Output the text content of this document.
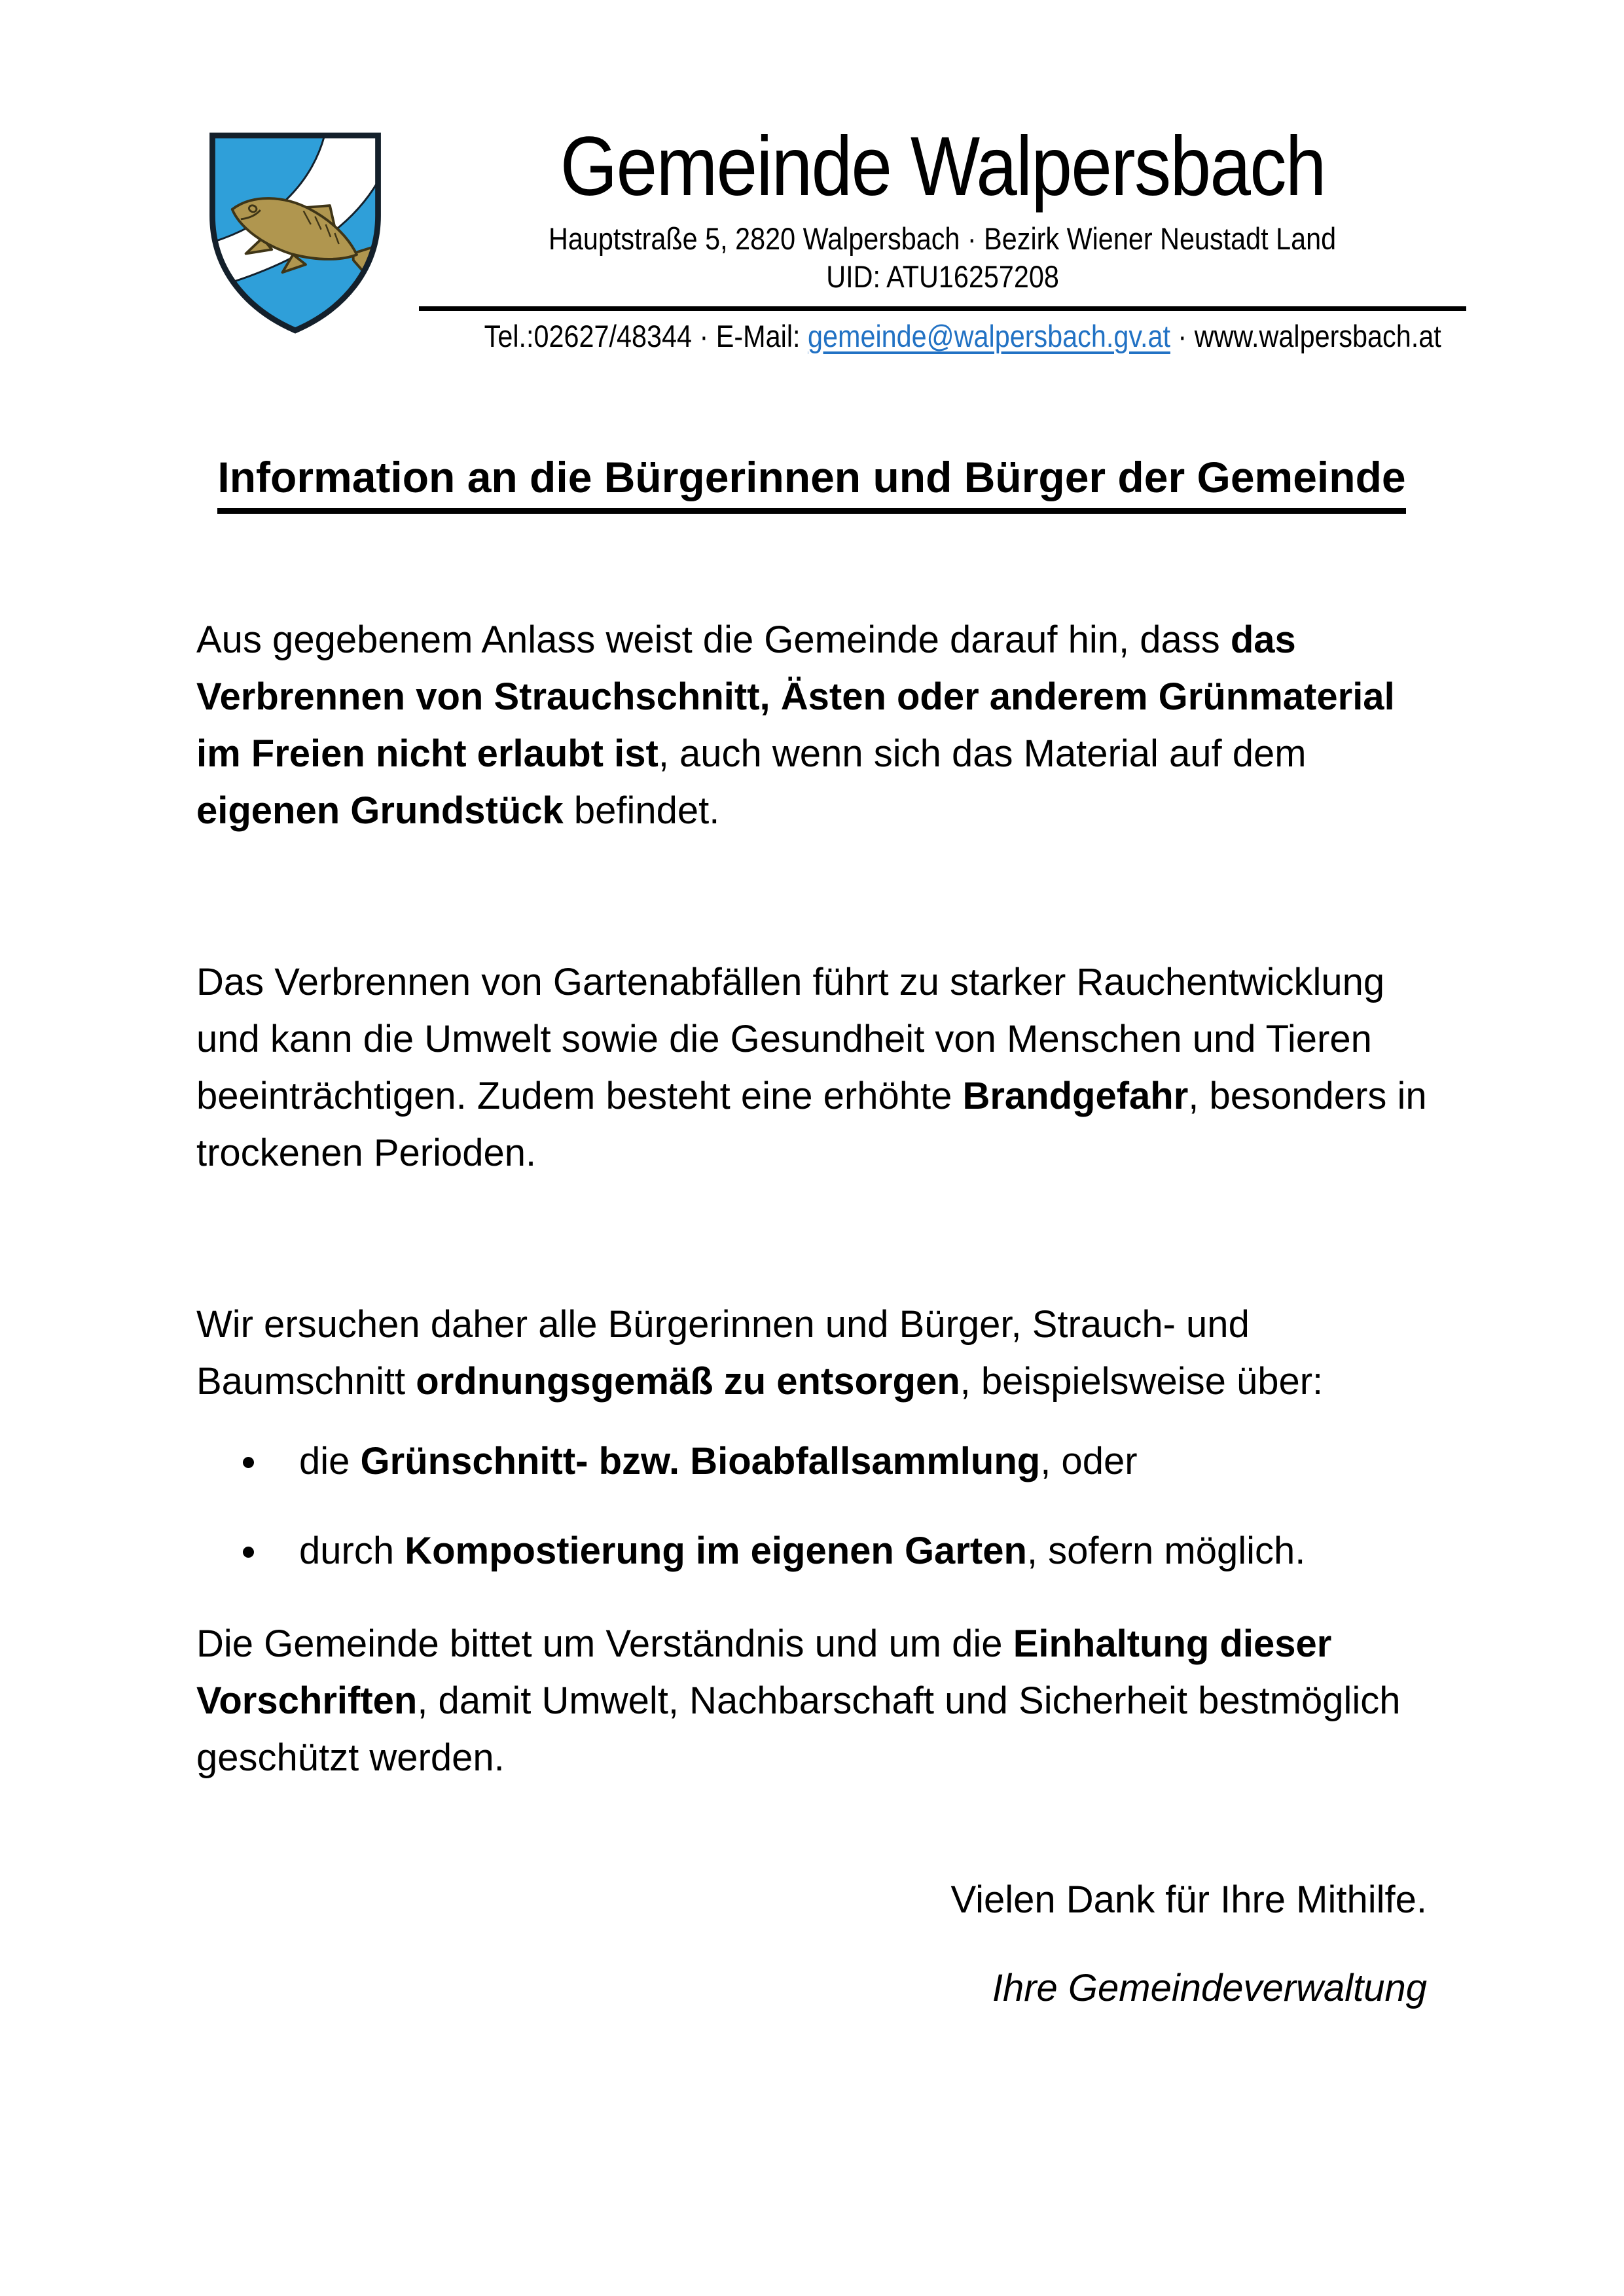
Gemeinde Walpersbach
Hauptstraße 5, 2820 Walpersbach · Bezirk Wiener Neustadt Land
UID: ATU16257208
Tel.:02627/48344 · E-Mail: gemeinde@walpersbach.gv.at · www.walpersbach.at
Information an die Bürgerinnen und Bürger der Gemeinde

Aus gegebenem Anlass weist die Gemeinde darauf hin, dass das Verbrennen von Strauchschnitt, Ästen oder anderem Grünmaterial im Freien nicht erlaubt ist, auch wenn sich das Material auf dem eigenen Grundstück befindet.

Das Verbrennen von Gartenabfällen führt zu starker Rauchentwicklung und kann die Umwelt sowie die Gesundheit von Menschen und Tieren beeinträchtigen. Zudem besteht eine erhöhte Brandgefahr, besonders in trockenen Perioden.

Wir ersuchen daher alle Bürgerinnen und Bürger, Strauch- und Baumschnitt ordnungsgemäß zu entsorgen, beispielsweise über:

die Grünschnitt- bzw. Bioabfallsammlung, oder
durch Kompostierung im eigenen Garten, sofern möglich.

Die Gemeinde bittet um Verständnis und um die Einhaltung dieser Vorschriften, damit Umwelt, Nachbarschaft und Sicherheit bestmöglich geschützt werden.

Vielen Dank für Ihre Mithilfe.

Ihre Gemeindeverwaltung
